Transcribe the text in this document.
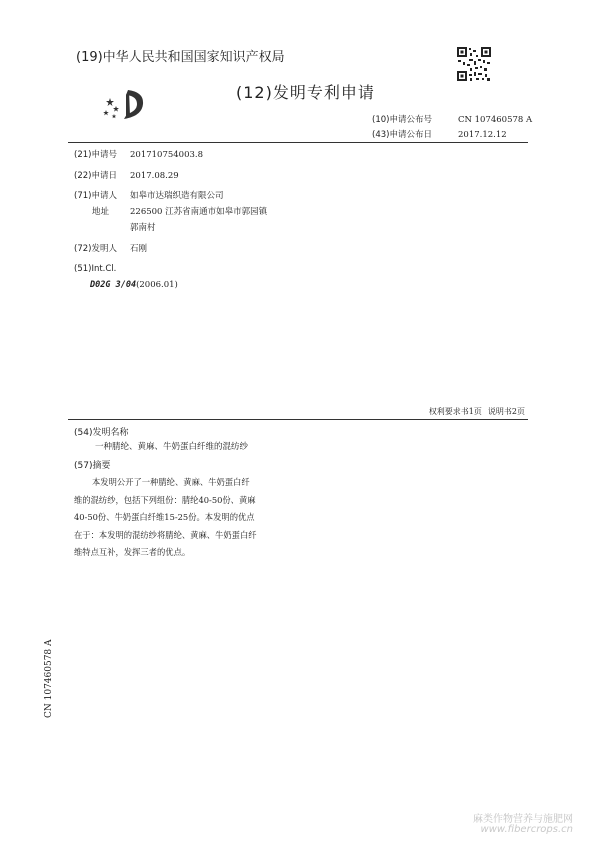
(19)中华人民共和国国家知识产权局
(12)发明专利申请
(10)申请公布号	CN 107460578 A
(43)申请公布日	2017.12.12
(21)申请号 201710754003.8
(22)申请日 2017.08.29
(71)申请人 如皋市达瑞织造有限公司
地址 226500 江苏省南通市如皋市郭园镇
郭南村
(72)发明人 石刚
(51)Int.Cl.
D02G 3/04(2006.01)
权利要求书1页 说明书2页
(54)发明名称
一种腈纶、黄麻、牛奶蛋白纤维的混纺纱
(57)摘要

本发明公开了一种腈纶、黄麻、牛奶蛋白纤

维的混纺纱，包括下列组份：腈纶40-50份、黄麻

40-50份、牛奶蛋白纤维15-25份。本发明的优点

在于：本发明的混纺纱将腈纶、黄麻、牛奶蛋白纤

维特点互补，发挥三者的优点。

CN 107460578 A
麻类作物营养与施肥网
www.fibercrops.cn
